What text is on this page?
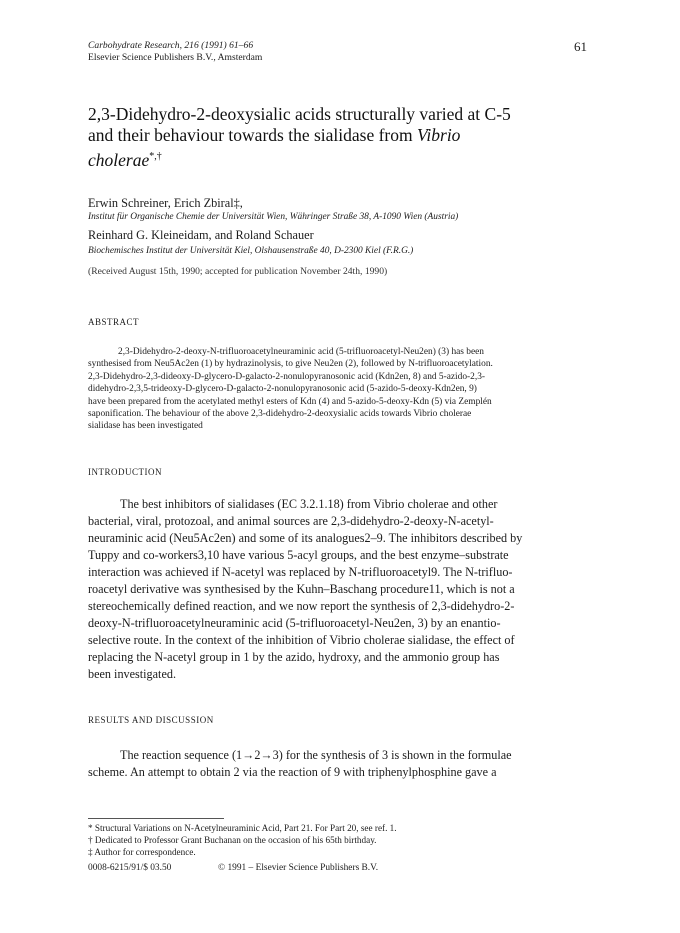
Carbohydrate Research, 216 (1991) 61–66
Elsevier Science Publishers B.V., Amsterdam
61
2,3-Didehydro-2-deoxysialic acids structurally varied at C-5
and their behaviour towards the sialidase from Vibrio
cholerae*,†
Erwin Schreiner, Erich Zbiral‡,
Institut für Organische Chemie der Universität Wien, Währinger Straße 38, A-1090 Wien (Austria)
Reinhard G. Kleineidam, and Roland Schauer
Biochemisches Institut der Universität Kiel, Olshausenstraße 40, D-2300 Kiel (F.R.G.)
(Received August 15th, 1990; accepted for publication November 24th, 1990)
ABSTRACT
2,3-Didehydro-2-deoxy-N-trifluoroacetylneuraminic acid (5-trifluoroacetyl-Neu2en) (3) has been
synthesised from Neu5Ac2en (1) by hydrazinolysis, to give Neu2en (2), followed by N-trifluoroacetylation.
2,3-Didehydro-2,3-dideoxy-D-glycero-D-galacto-2-nonulopyranosonic acid (Kdn2en, 8) and 5-azido-2,3-
didehydro-2,3,5-trideoxy-D-glycero-D-galacto-2-nonulopyranosonic acid (5-azido-5-deoxy-Kdn2en, 9)
have been prepared from the acetylated methyl esters of Kdn (4) and 5-azido-5-deoxy-Kdn (5) via Zemplén
saponification. The behaviour of the above 2,3-didehydro-2-deoxysialic acids towards Vibrio cholerae
sialidase has been investigated
INTRODUCTION
The best inhibitors of sialidases (EC 3.2.1.18) from Vibrio cholerae and other
bacterial, viral, protozoal, and animal sources are 2,3-didehydro-2-deoxy-N-acetyl-
neuraminic acid (Neu5Ac2en) and some of its analogues2–9. The inhibitors described by
Tuppy and co-workers3,10 have various 5-acyl groups, and the best enzyme–substrate
interaction was achieved if N-acetyl was replaced by N-trifluoroacetyl9. The N-trifluo-
roacetyl derivative was synthesised by the Kuhn–Baschang procedure11, which is not a
stereochemically defined reaction, and we now report the synthesis of 2,3-didehydro-2-
deoxy-N-trifluoroacetylneuraminic acid (5-trifluoroacetyl-Neu2en, 3) by an enantio-
selective route. In the context of the inhibition of Vibrio cholerae sialidase, the effect of
replacing the N-acetyl group in 1 by the azido, hydroxy, and the ammonio group has
been investigated.
RESULTS AND DISCUSSION
The reaction sequence (1→2→3) for the synthesis of 3 is shown in the formulae
scheme. An attempt to obtain 2 via the reaction of 9 with triphenylphosphine gave a
* Structural Variations on N-Acetylneuraminic Acid, Part 21. For Part 20, see ref. 1.
† Dedicated to Professor Grant Buchanan on the occasion of his 65th birthday.
‡ Author for correspondence.
0008-6215/91/$ 03.50	© 1991 – Elsevier Science Publishers B.V.
